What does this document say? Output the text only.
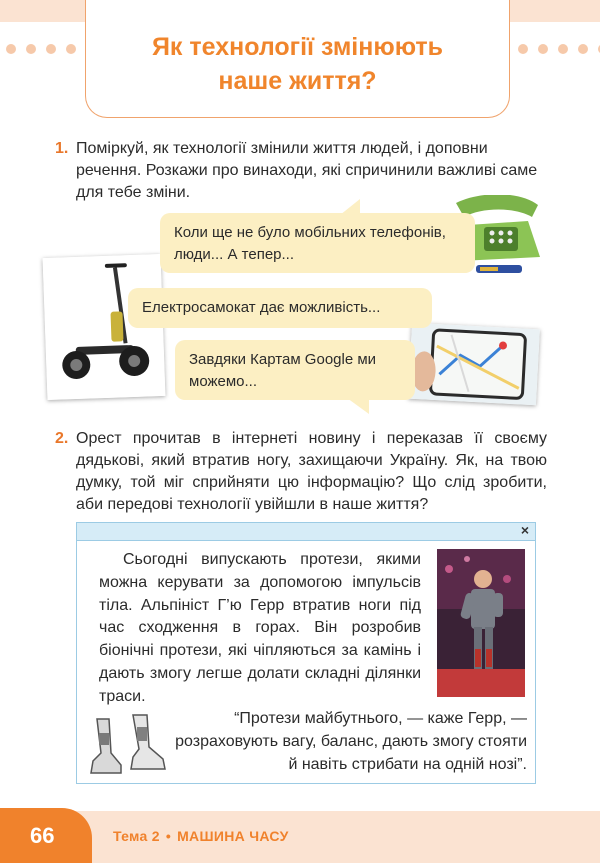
Як технології змінюють
наше життя?
1. Поміркуй, як технології змінили життя людей, і доповни речення. Розкажи про винаходи, які спричинили важливі саме для тебе зміни.
Коли ще не було мобільних телефонів, люди... А тепер...
Електросамокат дає можливість...
Завдяки Картам Google ми можемо...
2. Орест прочитав в інтернеті новину і переказав її своєму дядькові, який втратив ногу, захищаючи Україну. Як, на твою думку, той міг сприйняти цю інформацію? Що слід зробити, аби передові технології увійшли в наше життя?
×
Сьогодні випускають протези, якими можна керувати за допомогою імпульсів тіла. Альпініст Г’ю Герр втратив ноги під час сходження в горах. Він розробив біонічні протези, які чіпляються за камінь і дають змогу легше долати складні ділянки траси.
“Протези майбутнього, — каже Герр, — розраховують вагу, баланс, дають змогу стояти й навіть стрибати на одній нозі”.
66	Тема 2 • МАШИНА ЧАСУ
